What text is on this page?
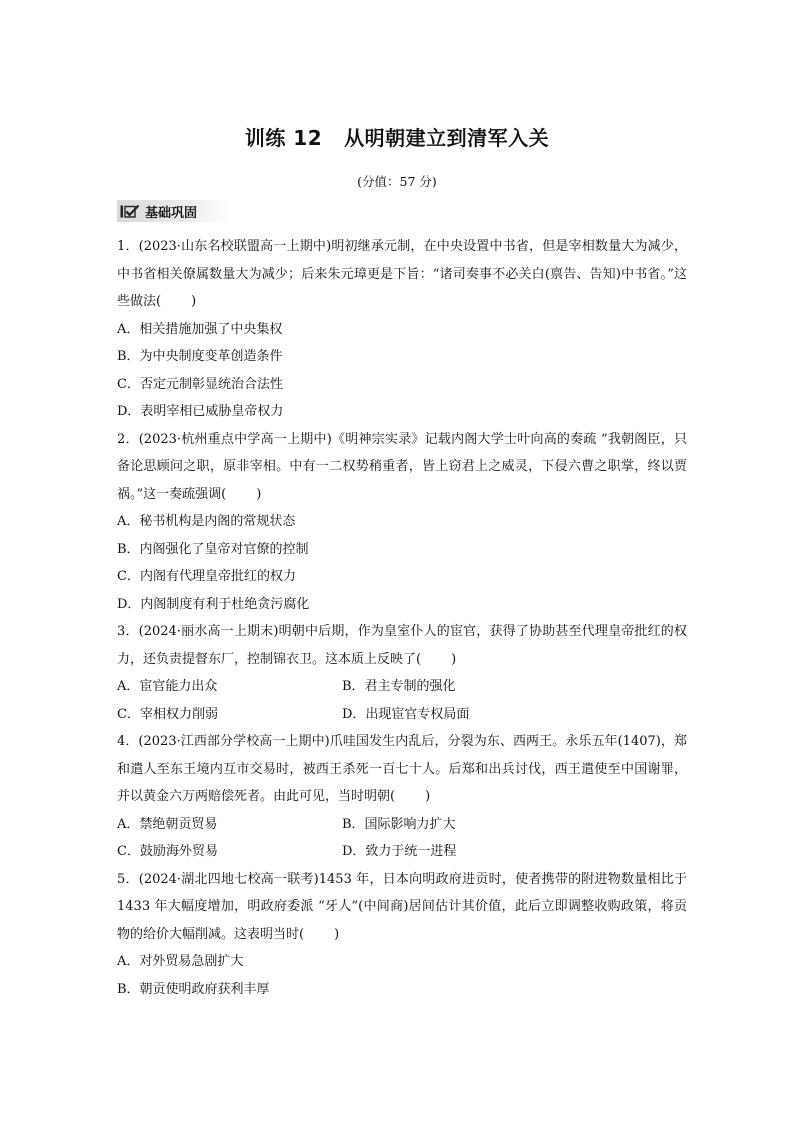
训练 12 从明朝建立到清军入关
(分值：57 分)
基础巩固

1．(2023·山东名校联盟高一上期中)明初继承元制，在中央设置中书省，但是宰相数量大为减少，中书省相关僚属数量大为减少；后来朱元璋更是下旨：“诸司奏事不必关白(禀告、告知)中书省。”这些做法( )

A．相关措施加强了中央集权

B．为中央制度变革创造条件

C．否定元制彰显统治合法性

D．表明宰相已威胁皇帝权力

2．(2023·杭州重点中学高一上期中)《明神宗实录》记载内阁大学士叶向高的奏疏 “我朝阁臣，只备论思顾问之职，原非宰相。中有一二权势稍重者，皆上窃君上之威灵，下侵六曹之职掌，终以贾祸。”这一奏疏强调( )

A．秘书机构是内阁的常规状态

B．内阁强化了皇帝对官僚的控制

C．内阁有代理皇帝批红的权力

D．内阁制度有利于杜绝贪污腐化

3．(2024·丽水高一上期末)明朝中后期，作为皇室仆人的宦官，获得了协助甚至代理皇帝批红的权力，还负责提督东厂，控制锦衣卫。这本质上反映了( )

A．宦官能力出众	B．君主专制的强化
C．宰相权力削弱	D．出现宦官专权局面

4．(2023·江西部分学校高一上期中)爪哇国发生内乱后，分裂为东、西两王。永乐五年(1407)，郑和遣人至东王境内互市交易时，被西王杀死一百七十人。后郑和出兵讨伐，西王遣使至中国谢罪，并以黄金六万两赔偿死者。由此可见，当时明朝( )

A．禁绝朝贡贸易	B．国际影响力扩大
C．鼓励海外贸易	D．致力于统一进程

5．(2024·湖北四地七校高一联考)1453 年，日本向明政府进贡时，使者携带的附进物数量相比于 1433 年大幅度增加，明政府委派 “牙人”(中间商)居间估计其价值，此后立即调整收购政策，将贡物的给价大幅削减。这表明当时( )

A．对外贸易急剧扩大

B．朝贡使明政府获利丰厚
